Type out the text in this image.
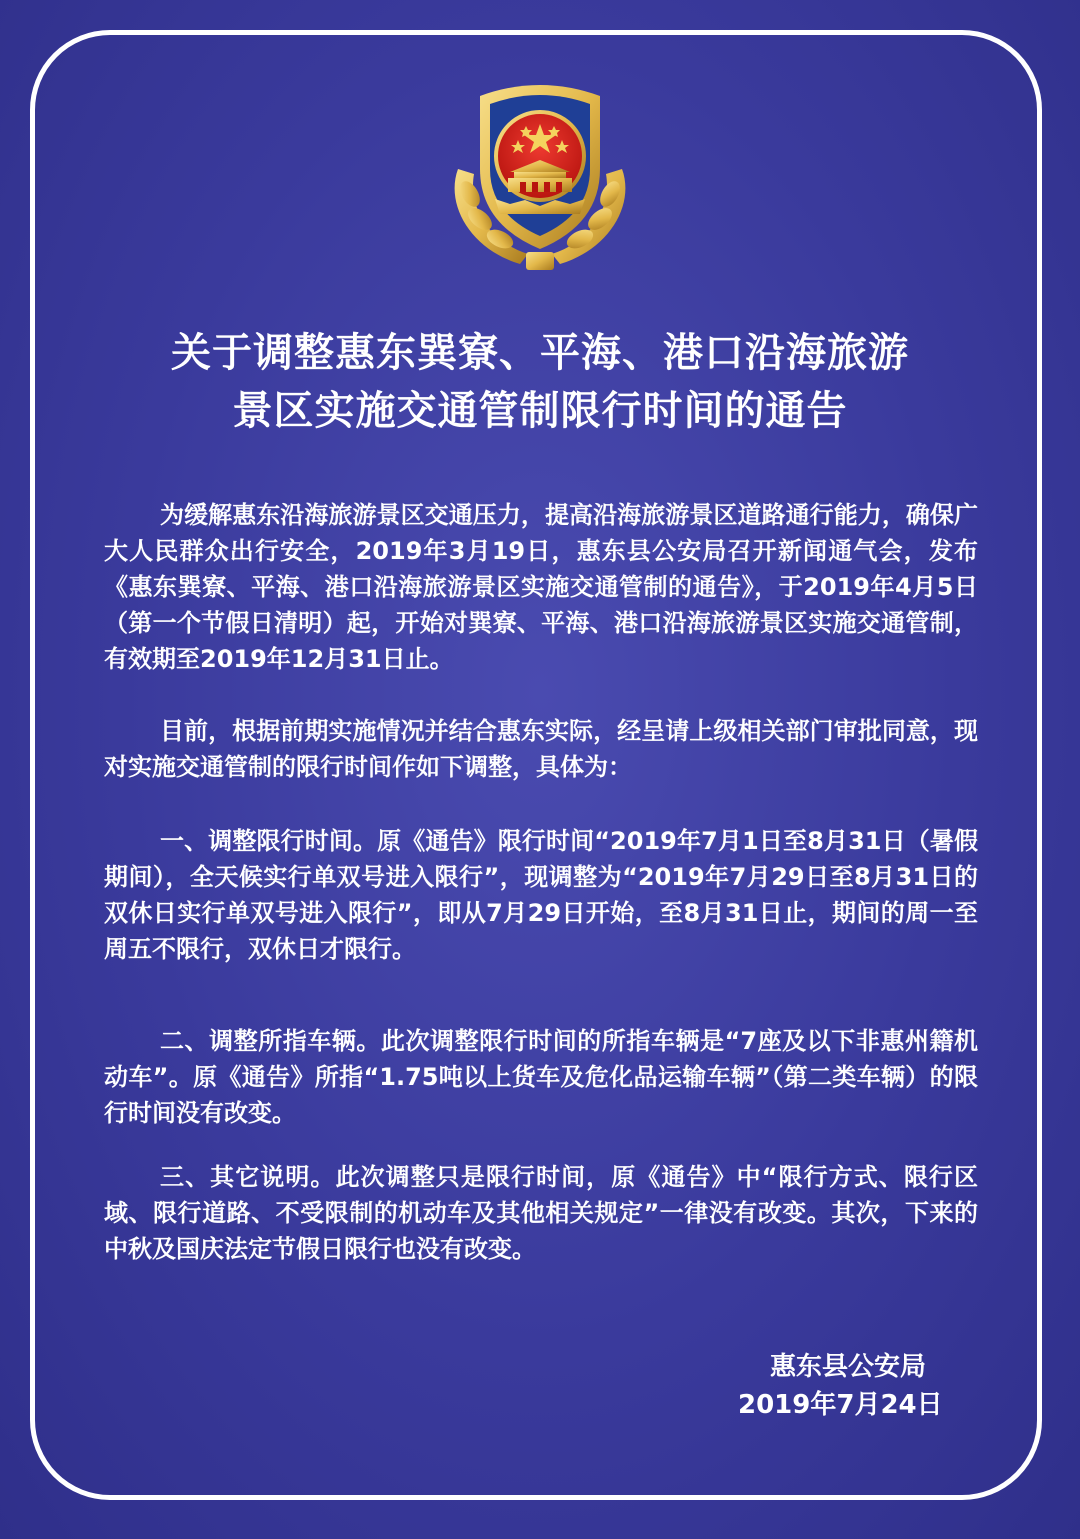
关于调整惠东巽寮、平海、港口沿海旅游
景区实施交通管制限行时间的通告

为缓解惠东沿海旅游景区交通压力，提高沿海旅游景区道路通行能力，确保广大人民群众出行安全，2019年3月19日，惠东县公安局召开新闻通气会，发布《惠东巽寮、平海、港口沿海旅游景区实施交通管制的通告》，于2019年4月5日（第一个节假日清明）起，开始对巽寮、平海、港口沿海旅游景区实施交通管制，有效期至2019年12月31日止。

目前，根据前期实施情况并结合惠东实际，经呈请上级相关部门审批同意，现对实施交通管制的限行时间作如下调整，具体为：

一、调整限行时间。原《通告》限行时间“2019年7月1日至8月31日（暑假期间），全天候实行单双号进入限行”，现调整为“2019年7月29日至8月31日的双休日实行单双号进入限行”，即从7月29日开始，至8月31日止，期间的周一至周五不限行，双休日才限行。

二、调整所指车辆。此次调整限行时间的所指车辆是“7座及以下非惠州籍机动车”。原《通告》所指“1.75吨以上货车及危化品运输车辆”（第二类车辆）的限行时间没有改变。

三、其它说明。此次调整只是限行时间，原《通告》中“限行方式、限行区域、限行道路、不受限制的机动车及其他相关规定”一律没有改变。其次，下来的中秋及国庆法定节假日限行也没有改变。

惠东县公安局
2019年7月24日
